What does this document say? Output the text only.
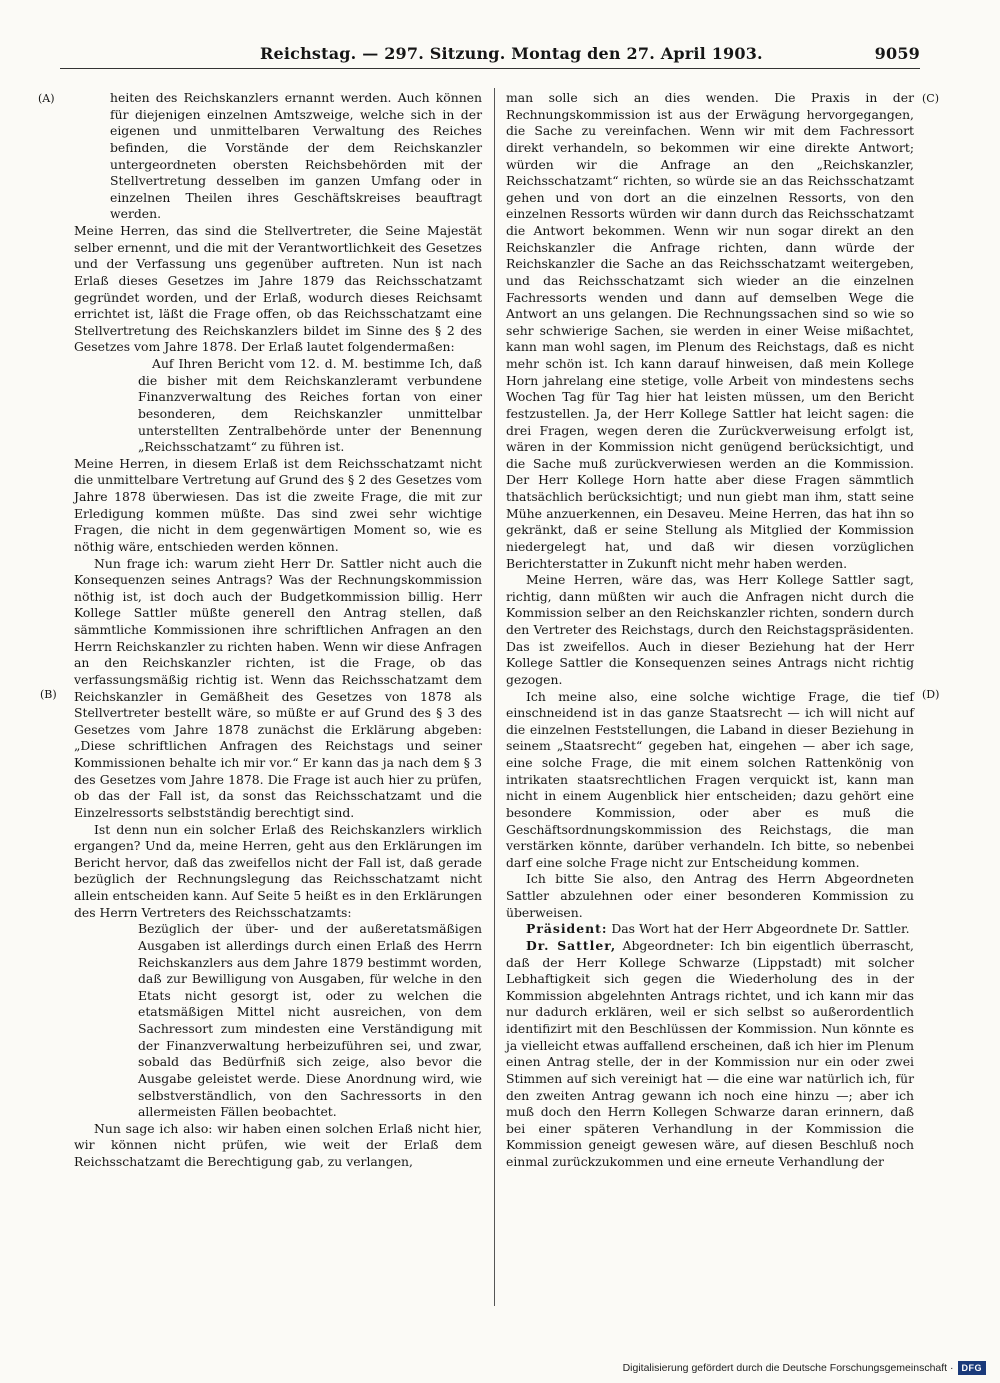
Reichstag. — 297. Sitzung. Montag den 27. April 1903.	9059
(A)
(B)
(C)
(D)

heiten des Reichskanzlers ernannt werden. Auch können für diejenigen einzelnen Amtszweige, welche sich in der eigenen und unmittelbaren Verwaltung des Reiches befinden, die Vorstände der dem Reichskanzler untergeordneten obersten Reichsbehörden mit der Stellvertretung desselben im ganzen Umfang oder in einzelnen Theilen ihres Geschäftskreises beauftragt werden.

Meine Herren, das sind die Stellvertreter, die Seine Majestät selber ernennt, und die mit der Verantwortlichkeit des Gesetzes und der Verfassung uns gegenüber auftreten. Nun ist nach Erlaß dieses Gesetzes im Jahre 1879 das Reichsschatzamt gegründet worden, und der Erlaß, wodurch dieses Reichsamt errichtet ist, läßt die Frage offen, ob das Reichsschatzamt eine Stellvertretung des Reichskanzlers bildet im Sinne des § 2 des Gesetzes vom Jahre 1878. Der Erlaß lautet folgendermaßen:

Auf Ihren Bericht vom 12. d. M. bestimme Ich, daß die bisher mit dem Reichskanzleramt verbundene Finanzverwaltung des Reiches fortan von einer besonderen, dem Reichskanzler unmittelbar unterstellten Zentralbehörde unter der Benennung „Reichsschatzamt“ zu führen ist.

Meine Herren, in diesem Erlaß ist dem Reichsschatzamt nicht die unmittelbare Vertretung auf Grund des § 2 des Gesetzes vom Jahre 1878 überwiesen. Das ist die zweite Frage, die mit zur Erledigung kommen müßte. Das sind zwei sehr wichtige Fragen, die nicht in dem gegenwärtigen Moment so, wie es nöthig wäre, entschieden werden können.

Nun frage ich: warum zieht Herr Dr. Sattler nicht auch die Konsequenzen seines Antrags? Was der Rechnungskommission nöthig ist, ist doch auch der Budgetkommission billig. Herr Kollege Sattler müßte generell den Antrag stellen, daß sämmtliche Kommissionen ihre schriftlichen Anfragen an den Herrn Reichskanzler zu richten haben. Wenn wir diese Anfragen an den Reichskanzler richten, ist die Frage, ob das verfassungsmäßig richtig ist. Wenn das Reichsschatzamt dem Reichskanzler in Gemäßheit des Gesetzes von 1878 als Stellvertreter bestellt wäre, so müßte er auf Grund des § 3 des Gesetzes vom Jahre 1878 zunächst die Erklärung abgeben: „Diese schriftlichen Anfragen des Reichstags und seiner Kommissionen behalte ich mir vor.“ Er kann das ja nach dem § 3 des Gesetzes vom Jahre 1878. Die Frage ist auch hier zu prüfen, ob das der Fall ist, da sonst das Reichsschatzamt und die Einzelressorts selbstständig berechtigt sind.

Ist denn nun ein solcher Erlaß des Reichskanzlers wirklich ergangen? Und da, meine Herren, geht aus den Erklärungen im Bericht hervor, daß das zweifellos nicht der Fall ist, daß gerade bezüglich der Rechnungslegung das Reichsschatzamt nicht allein entscheiden kann. Auf Seite 5 heißt es in den Erklärungen des Herrn Vertreters des Reichsschatzamts:

Bezüglich der über- und der außeretatsmäßigen Ausgaben ist allerdings durch einen Erlaß des Herrn Reichskanzlers aus dem Jahre 1879 bestimmt worden, daß zur Bewilligung von Ausgaben, für welche in den Etats nicht gesorgt ist, oder zu welchen die etatsmäßigen Mittel nicht ausreichen, von dem Sachressort zum mindesten eine Verständigung mit der Finanzverwaltung herbeizuführen sei, und zwar, sobald das Bedürfniß sich zeige, also bevor die Ausgabe geleistet werde. Diese Anordnung wird, wie selbstverständlich, von den Sachressorts in den allermeisten Fällen beobachtet.

Nun sage ich also: wir haben einen solchen Erlaß nicht hier, wir können nicht prüfen, wie weit der Erlaß dem Reichsschatzamt die Berechtigung gab, zu verlangen,

man solle sich an dies wenden. Die Praxis in der Rechnungskommission ist aus der Erwägung hervorgegangen, die Sache zu vereinfachen. Wenn wir mit dem Fachressort direkt verhandeln, so bekommen wir eine direkte Antwort; würden wir die Anfrage an den „Reichskanzler, Reichsschatzamt“ richten, so würde sie an das Reichsschatzamt gehen und von dort an die einzelnen Ressorts, von den einzelnen Ressorts würden wir dann durch das Reichsschatzamt die Antwort bekommen. Wenn wir nun sogar direkt an den Reichskanzler die Anfrage richten, dann würde der Reichskanzler die Sache an das Reichsschatzamt weitergeben, und das Reichsschatzamt sich wieder an die einzelnen Fachressorts wenden und dann auf demselben Wege die Antwort an uns gelangen. Die Rechnungssachen sind so wie so sehr schwierige Sachen, sie werden in einer Weise mißachtet, kann man wohl sagen, im Plenum des Reichstags, daß es nicht mehr schön ist. Ich kann darauf hinweisen, daß mein Kollege Horn jahrelang eine stetige, volle Arbeit von mindestens sechs Wochen Tag für Tag hier hat leisten müssen, um den Bericht festzustellen. Ja, der Herr Kollege Sattler hat leicht sagen: die drei Fragen, wegen deren die Zurückverweisung erfolgt ist, wären in der Kommission nicht genügend berücksichtigt, und die Sache muß zurückverwiesen werden an die Kommission. Der Herr Kollege Horn hatte aber diese Fragen sämmtlich thatsächlich berücksichtigt; und nun giebt man ihm, statt seine Mühe anzuerkennen, ein Desaveu. Meine Herren, das hat ihn so gekränkt, daß er seine Stellung als Mitglied der Kommission niedergelegt hat, und daß wir diesen vorzüglichen Berichterstatter in Zukunft nicht mehr haben werden.

Meine Herren, wäre das, was Herr Kollege Sattler sagt, richtig, dann müßten wir auch die Anfragen nicht durch die Kommission selber an den Reichskanzler richten, sondern durch den Vertreter des Reichstags, durch den Reichstagspräsidenten. Das ist zweifellos. Auch in dieser Beziehung hat der Herr Kollege Sattler die Konsequenzen seines Antrags nicht richtig gezogen.

Ich meine also, eine solche wichtige Frage, die tief einschneidend ist in das ganze Staatsrecht — ich will nicht auf die einzelnen Feststellungen, die Laband in dieser Beziehung in seinem „Staatsrecht“ gegeben hat, eingehen — aber ich sage, eine solche Frage, die mit einem solchen Rattenkönig von intrikaten staatsrechtlichen Fragen verquickt ist, kann man nicht in einem Augenblick hier entscheiden; dazu gehört eine besondere Kommission, oder aber es muß die Geschäftsordnungskommission des Reichstags, die man verstärken könnte, darüber verhandeln. Ich bitte, so nebenbei darf eine solche Frage nicht zur Entscheidung kommen.

Ich bitte Sie also, den Antrag des Herrn Abgeordneten Sattler abzulehnen oder einer besonderen Kommission zu überweisen.

Präsident: Das Wort hat der Herr Abgeordnete Dr. Sattler.

Dr. Sattler, Abgeordneter: Ich bin eigentlich überrascht, daß der Herr Kollege Schwarze (Lippstadt) mit solcher Lebhaftigkeit sich gegen die Wiederholung des in der Kommission abgelehnten Antrags richtet, und ich kann mir das nur dadurch erklären, weil er sich selbst so außerordentlich identifizirt mit den Beschlüssen der Kommission. Nun könnte es ja vielleicht etwas auffallend erscheinen, daß ich hier im Plenum einen Antrag stelle, der in der Kommission nur ein oder zwei Stimmen auf sich vereinigt hat — die eine war natürlich ich, für den zweiten Antrag gewann ich noch eine hinzu —; aber ich muß doch den Herrn Kollegen Schwarze daran erinnern, daß bei einer späteren Verhandlung in der Kommission die Kommission geneigt gewesen wäre, auf diesen Beschluß noch einmal zurückzukommen und eine erneute Verhandlung der

Digitalisierung gefördert durch die Deutsche Forschungsgemeinschaft · DFG
